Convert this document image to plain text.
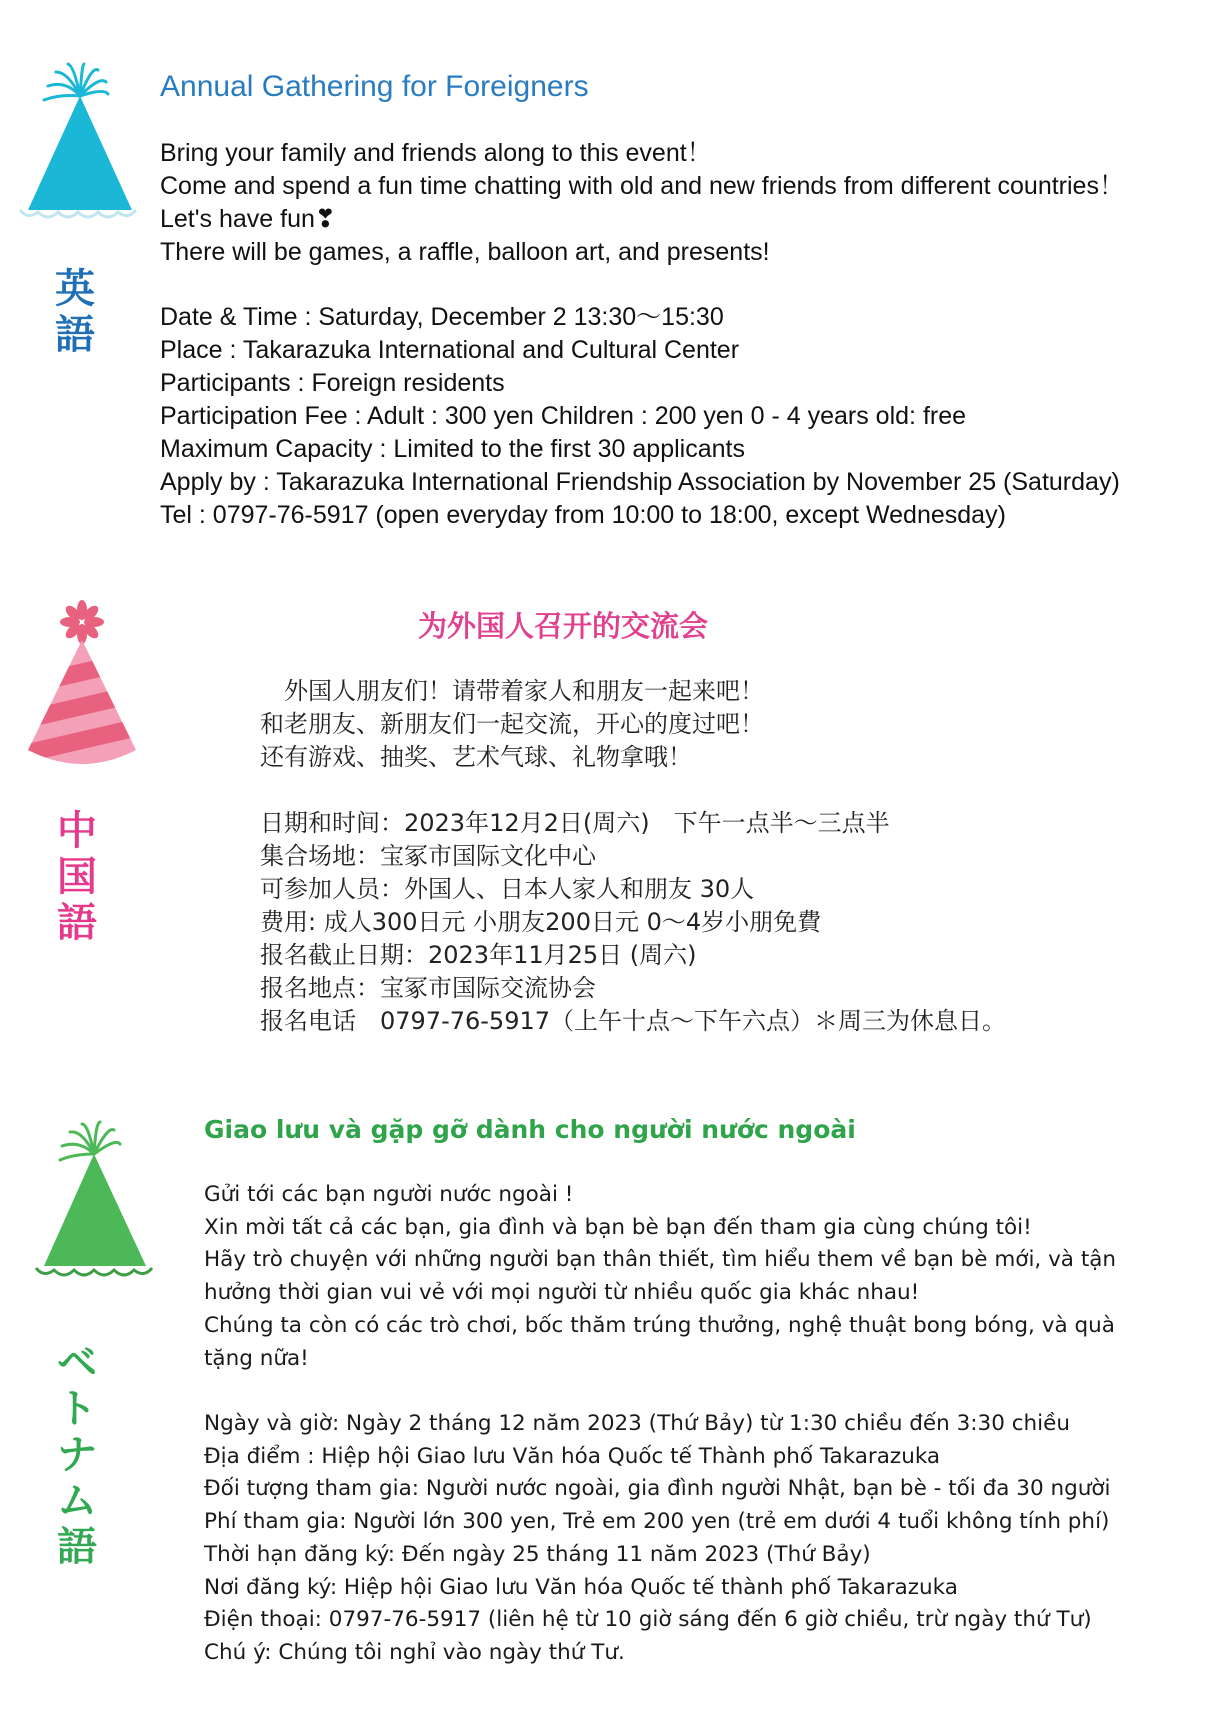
英
語
Annual Gathering for Foreigners
Bring your family and friends along to this event！
Come and spend a fun time chatting with old and new friends from different countries！
Let's have fun❣
There will be games, a raffle, balloon art, and presents!
Date & Time : Saturday, December 2 13:30～15:30
Place : Takarazuka International and Cultural Center
Participants : Foreign residents
Participation Fee : Adult : 300 yen Children : 200 yen 0 - 4 years old: free
Maximum Capacity : Limited to the first 30 applicants
Apply by : Takarazuka International Friendship Association by November 25 (Saturday)
Tel : 0797-76-5917 (open everyday from 10:00 to 18:00, except Wednesday)
中
国
語
为外国人召开的交流会
　外国人朋友们！请带着家人和朋友一起来吧！
和老朋友、新朋友们一起交流，开心的度过吧！
还有游戏、抽奖、艺术气球、礼物拿哦！
日期和时间：2023年12月2日(周六)　下午一点半～三点半
集合场地：宝冢市国际文化中心
可参加人员：外国人、日本人家人和朋友 30人
费用: 成人300日元 小朋友200日元 0～4岁小朋免費
报名截止日期：2023年11月25日 (周六)
报名地点：宝冢市国际交流协会
报名电话　0797-76-5917（上午十点～下午六点）＊周三为休息日。
ベ
ト
ナ
ム
語
Giao lưu và gặp gỡ dành cho người nước ngoài
Gửi tới các bạn người nước ngoài !
Xin mời tất cả các bạn, gia đình và bạn bè bạn đến tham gia cùng chúng tôi!
Hãy trò chuyện với những người bạn thân thiết, tìm hiểu them về bạn bè mới, và tận
hưởng thời gian vui vẻ với mọi người từ nhiều quốc gia khác nhau!
Chúng ta còn có các trò chơi, bốc thăm trúng thưởng, nghệ thuật bong bóng, và quà
tặng nữa!
Ngày và giờ: Ngày 2 tháng 12 năm 2023 (Thứ Bảy) từ 1:30 chiều đến 3:30 chiều
Địa điểm : Hiệp hội Giao lưu Văn hóa Quốc tế Thành phố Takarazuka
Đối tượng tham gia: Người nước ngoài, gia đình người Nhật, bạn bè - tối đa 30 người
Phí tham gia: Người lớn 300 yen, Trẻ em 200 yen (trẻ em dưới 4 tuổi không tính phí)
Thời hạn đăng ký: Đến ngày 25 tháng 11 năm 2023 (Thứ Bảy)
Nơi đăng ký: Hiệp hội Giao lưu Văn hóa Quốc tế thành phố Takarazuka
Điện thoại: 0797-76-5917 (liên hệ từ 10 giờ sáng đến 6 giờ chiều, trừ ngày thứ Tư)
Chú ý: Chúng tôi nghỉ vào ngày thứ Tư.
